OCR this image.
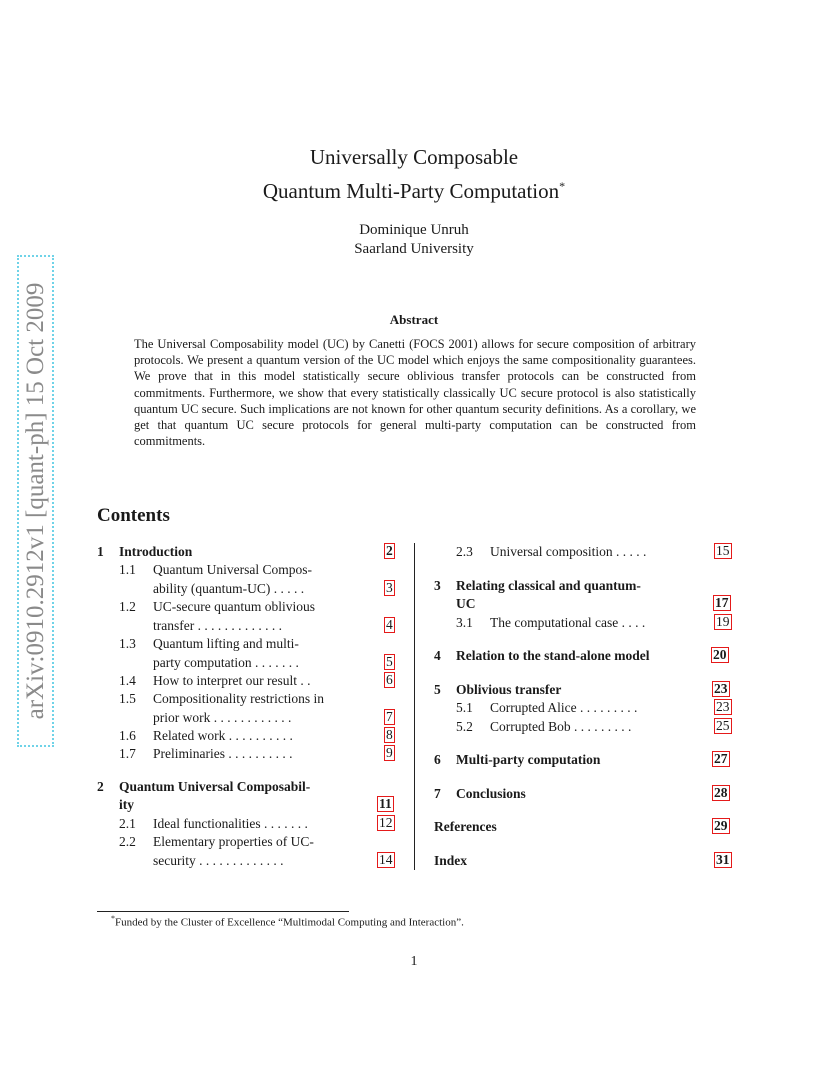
arXiv:0910.2912v1 [quant-ph] 15 Oct 2009
Universally Composable
Quantum Multi-Party Computation*
Dominique Unruh
Saarland University
Abstract
The Universal Composability model (UC) by Canetti (FOCS 2001) allows for secure composition of arbitrary protocols. We present a quantum version of the UC model which enjoys the same compositionality guarantees. We prove that in this model statistically secure oblivious transfer protocols can be constructed from commitments. Furthermore, we show that every statistically classically UC secure protocol is also statistically quantum UC secure. Such implications are not known for other quantum security definitions. As a corollary, we get that quantum UC secure protocols for general multi-party computation can be constructed from commitments.
Contents
1 Introduction	2
1.1 Quantum Universal Compos-
ability (quantum-UC) . . . . .	3
1.2 UC-secure quantum oblivious
transfer . . . . . . . . . . . . .	4
1.3 Quantum lifting and multi-
party computation . . . . . . .	5
1.4 How to interpret our result . .	6
1.5 Compositionality restrictions in
prior work . . . . . . . . . . . .	7
1.6 Related work . . . . . . . . . .	8
1.7 Preliminaries . . . . . . . . . .	9
2 Quantum Universal Composabil-
ity	11
2.1 Ideal functionalities . . . . . . .	12
2.2 Elementary properties of UC-
security . . . . . . . . . . . . .	14
2.3 Universal composition . . . . .	15
3 Relating classical and quantum-
UC	17
3.1 The computational case . . . .	19
4 Relation to the stand-alone model	20
5 Oblivious transfer	23
5.1 Corrupted Alice . . . . . . . . .	23
5.2 Corrupted Bob . . . . . . . . .	25
6 Multi-party computation	27
7 Conclusions	28
References	29
Index	31
*Funded by the Cluster of Excellence “Multimodal Computing and Interaction”.
1
